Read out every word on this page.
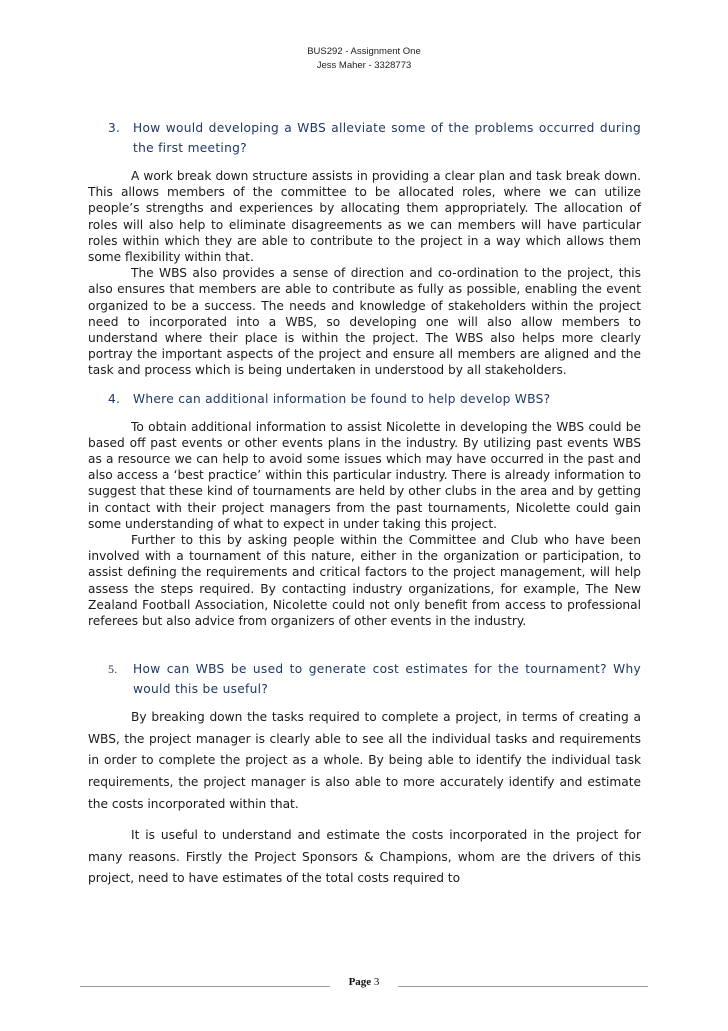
BUS292 - Assignment One
Jess Maher - 3328773
3.	How would developing a WBS alleviate some of the problems occurred during the first meeting?

A work break down structure assists in providing a clear plan and task break down. This allows members of the committee to be allocated roles, where we can utilize people’s strengths and experiences by allocating them appropriately. The allocation of roles will also help to eliminate disagreements as we can members will have particular roles within which they are able to contribute to the project in a way which allows them some flexibility within that.

The WBS also provides a sense of direction and co-ordination to the project, this also ensures that members are able to contribute as fully as possible, enabling the event organized to be a success. The needs and knowledge of stakeholders within the project need to incorporated into a WBS, so developing one will also allow members to understand where their place is within the project. The WBS also helps more clearly portray the important aspects of the project and ensure all members are aligned and the task and process which is being undertaken in understood by all stakeholders.

4.	Where can additional information be found to help develop WBS?

To obtain additional information to assist Nicolette in developing the WBS could be based off past events or other events plans in the industry. By utilizing past events WBS as a resource we can help to avoid some issues which may have occurred in the past and also access a ‘best practice’ within this particular industry. There is already information to suggest that these kind of tournaments are held by other clubs in the area and by getting in contact with their project managers from the past tournaments, Nicolette could gain some understanding of what to expect in under taking this project.

Further to this by asking people within the Committee and Club who have been involved with a tournament of this nature, either in the organization or participation, to assist defining the requirements and critical factors to the project management, will help assess the steps required. By contacting industry organizations, for example, The New Zealand Football Association, Nicolette could not only benefit from access to professional referees but also advice from organizers of other events in the industry.

5.	How can WBS be used to generate cost estimates for the tournament? Why would this be useful?

By breaking down the tasks required to complete a project, in terms of creating a WBS, the project manager is clearly able to see all the individual tasks and requirements in order to complete the project as a whole. By being able to identify the individual task requirements, the project manager is also able to more accurately identify and estimate the costs incorporated within that.

It is useful to understand and estimate the costs incorporated in the project for many reasons. Firstly the Project Sponsors & Champions, whom are the drivers of this project, need to have estimates of the total costs required to

Page 3
